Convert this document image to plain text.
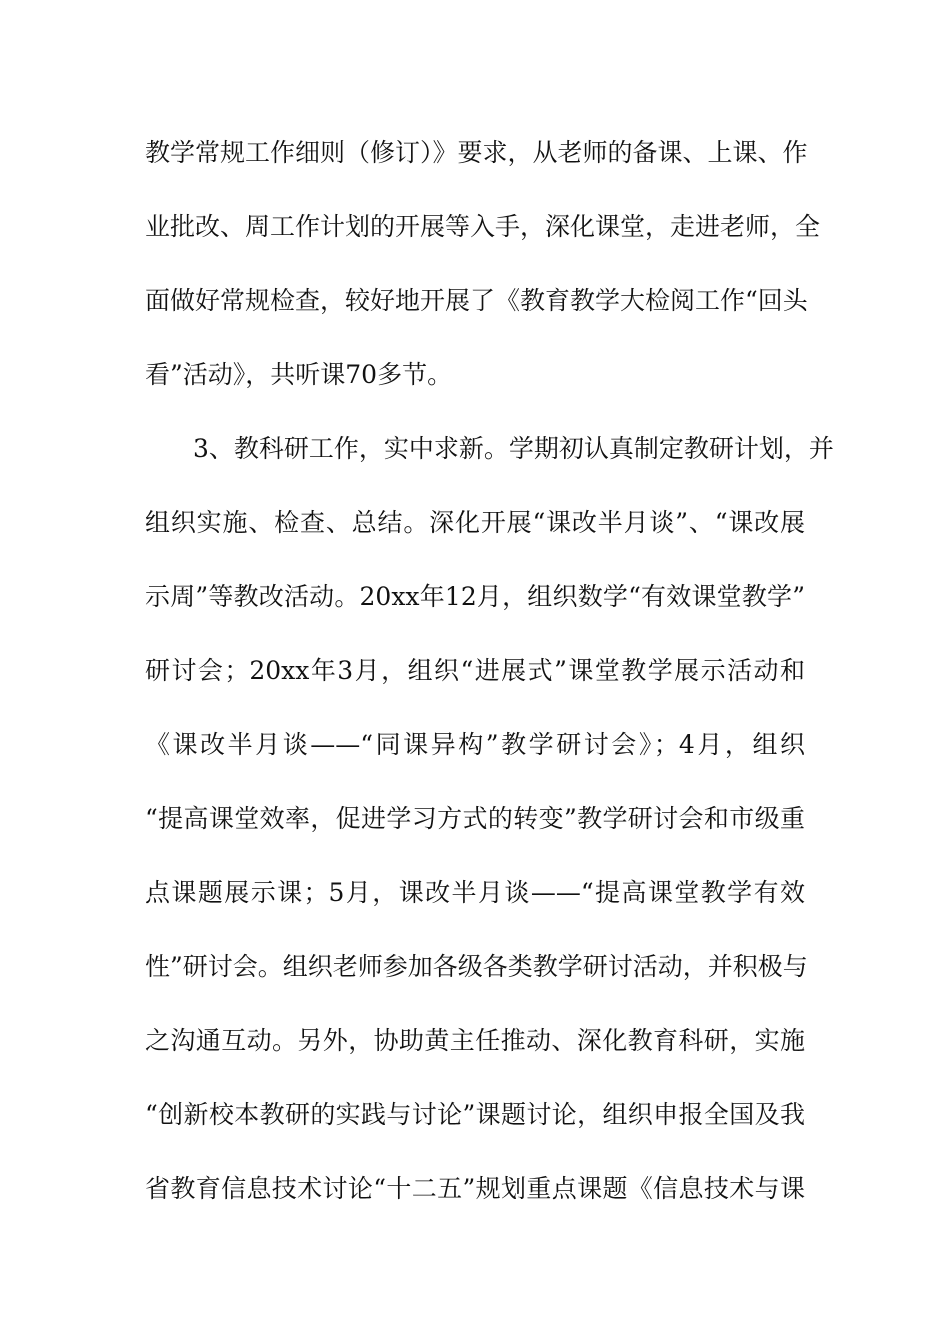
教学常规工作细则（修订）》要求，从老师的备课、上课、作
业批改、周工作计划的开展等入手，深化课堂，走进老师，全
面做好常规检查，较好地开展了《教育教学大检阅工作“回头
看”活动》，共听课70多节。
3、教科研工作，实中求新。学期初认真制定教研计划，并
组织实施、检查、总结。深化开展“课改半月谈”、“课改展
示周”等教改活动。20xx年12月，组织数学“有效课堂教学”
研讨会；20xx年3月，组织“进展式”课堂教学展示活动和
《课改半月谈——“同课异构”教学研讨会》；4月，组织
“提高课堂效率，促进学习方式的转变”教学研讨会和市级重
点课题展示课；5月，课改半月谈——“提高课堂教学有效
性”研讨会。组织老师参加各级各类教学研讨活动，并积极与
之沟通互动。另外，协助黄主任推动、深化教育科研，实施
“创新校本教研的实践与讨论”课题讨论，组织申报全国及我
省教育信息技术讨论“十二五”规划重点课题《信息技术与课
